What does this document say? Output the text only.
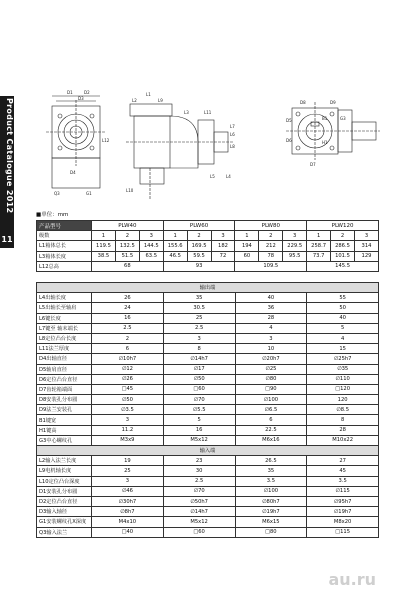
Product Catalogue 2012
11
D1	D2
D3
D4
L12
Q3	G1
L1
L2	L9
L3	L11
L7
L6
L8
L5	L4
L10
D8	D9
G3
B1
H1
D5
D6
D7
■单位：mm
产品型号	PLW40			PLW60			PLW80			PLW120		
级数	1	2	3	1	2	3	1	2	3	1	2	3
L1箱体总长	119.5	132.5	144.5	155.6	169.5	182	194	212	229.5	258.7	286.5	314
L3箱体长度	38.5	51.5	63.5	46.5	59.5	72	60	78	95.5	73.7	101.5	129
L12总高	68			93			109.5			145.5		
输出端				
L4出轴长度	26	35	40	55
L5出轴长至轴肩	24	30.5	36	50
L6键长度	16	25	28	40
L7键至 轴末端长	2.5	2.5	4	5
L8定位凸台长度	2	3	3	4
L11法兰厚度	6	8	10	15
D4出轴直径	∅10h7	∅14h7	∅20h7	∅25h7
D5轴肩直径	∅12	∅17	∅25	∅35
D6定位凸台直径	∅26	∅50	∅80	∅110
D7齿轮箱端面	□45	□60	□90	□120
D8安装孔分布圆	∅50	∅70	∅100	120
D9法兰安装孔	∅3.5	∅5.5	∅6.5	∅8.5
B1键宽	3	5	6	8
H1键高	11.2	16	22.5	28
G3中心螺纹孔	M3x9	M5x12	M6x16	M10x22
输入端				
L2输入法兰长度	19	23	26.5	27
L9电机轴长度	25	30	35	45
L10定位凸台深度	3	2.5	3.5	3.5
D1安装孔分布圆	∅46	∅70	∅100	∅115
D2定位凸台直径	∅30h7	∅50h7	∅80h7	∅95h7
D3输入轴径	∅8h7	∅14h7	∅19h7	∅19h7
G1安装螺纹孔X深度	M4x10	M5x12	M6x15	M8x20
Q3输入法兰	□40	□60	□80	□115
au.ru
